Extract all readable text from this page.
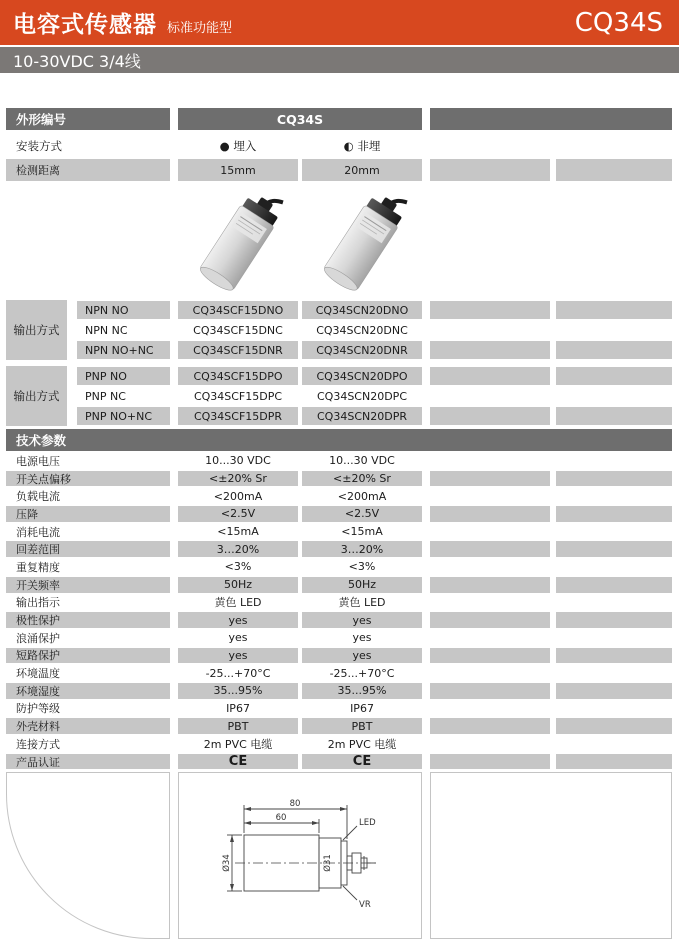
电容式传感器 标准功能型	CQ34S
10-30VDC 3/4线
外形编号	CQ34S
安装方式	● 埋入	◐ 非埋
检测距离	15mm	20mm
输出方式
NPN NO	CQ34SCF15DNO	CQ34SCN20DNO
NPN NC	CQ34SCF15DNC	CQ34SCN20DNC
NPN NO+NC	CQ34SCF15DNR	CQ34SCN20DNR
输出方式
PNP NO	CQ34SCF15DPO	CQ34SCN20DPO
PNP NC	CQ34SCF15DPC	CQ34SCN20DPC
PNP NO+NC	CQ34SCF15DPR	CQ34SCN20DPR
技术参数
电源电压	10...30 VDC	10...30 VDC
开关点偏移	<±20% Sr	<±20% Sr
负载电流	<200mA	<200mA
压降	<2.5V	<2.5V
消耗电流	<15mA	<15mA
回差范围	3…20%	3…20%
重复精度	<3%	<3%
开关频率	50Hz	50Hz
输出指示	黄色 LED	黄色 LED
极性保护	yes	yes
浪涌保护	yes	yes
短路保护	yes	yes
环境温度	-25...+70°C	-25...+70°C
环境湿度	35...95%	35...95%
防护等级	IP67	IP67
外壳材料	PBT	PBT
连接方式	2m PVC 电缆	2m PVC 电缆
产品认证	CE	CE
60
80
Ø34	Ø31
LED
VR
